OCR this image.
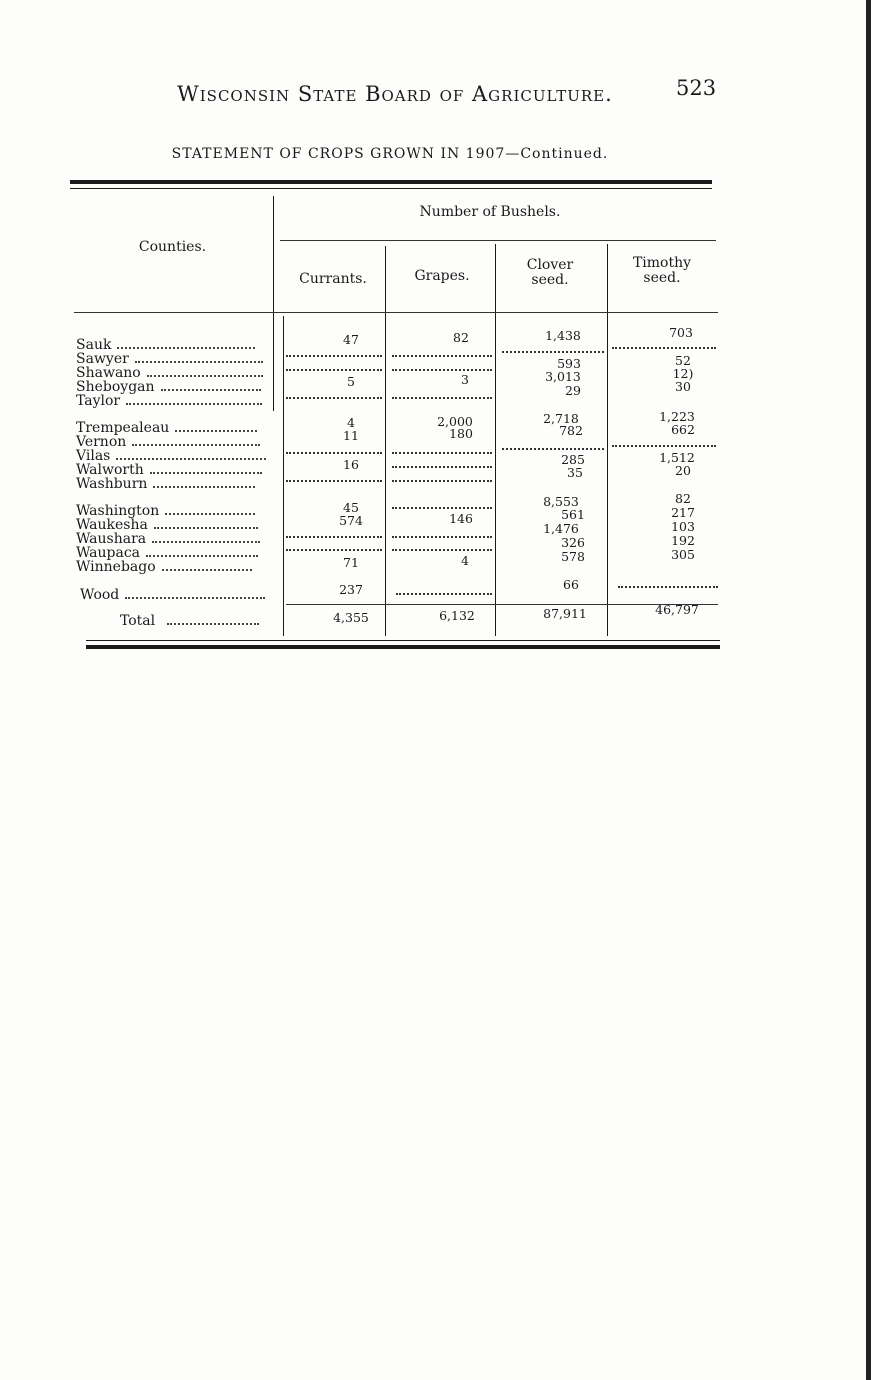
Wisconsin State Board of Agriculture.	523
STATEMENT OF CROPS GROWN IN 1907—Continued.
Counties.
Number of Bushels.
Currants.	Grapes.
Clover seed.
Timothy seed.
Sauk
Sawyer
Shawano
Sheboygan
Taylor
Trempealeau
Vernon
Vilas
Walworth
Washburn
Washington
Waukesha
Waushara
Waupaca
Winnebago
Wood
Total
47
5
4
11
16
45
574
71
237
4,355
82
3
2,000
180
146
4
6,132
1,438
593
3,013
29
2,718
782
285
35
8,553
561
1,476
326
578
66
87,911
703
52
12)
30
1,223
662
1,512
20
82
217
103
192
305
46,797
